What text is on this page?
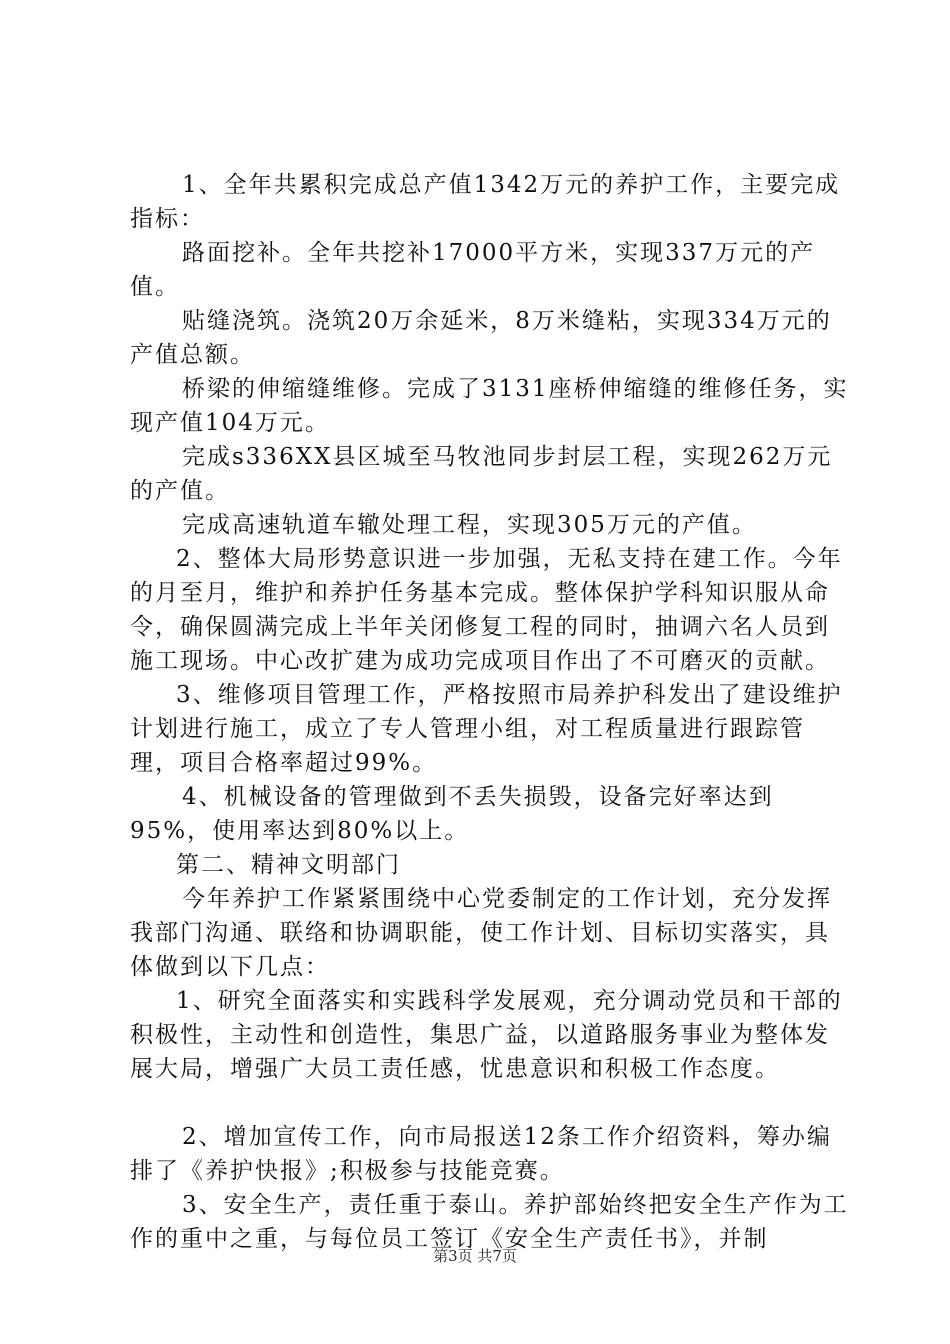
1、全年共累积完成总产值1342万元的养护工作，主要完成指标：

路面挖补。全年共挖补17000平方米，实现337万元的产值。

贴缝浇筑。浇筑20万余延米，8万米缝粘，实现334万元的产值总额。

桥梁的伸缩缝维修。完成了3131座桥伸缩缝的维修任务，实现产值104万元。

完成s336XX县区城至马牧池同步封层工程，实现262万元的产值。

完成高速轨道车辙处理工程，实现305万元的产值。

2、整体大局形势意识进一步加强，无私支持在建工作。今年的月至月，维护和养护任务基本完成。整体保护学科知识服从命令，确保圆满完成上半年关闭修复工程的同时，抽调六名人员到施工现场。中心改扩建为成功完成项目作出了不可磨灭的贡献。

3、维修项目管理工作，严格按照市局养护科发出了建设维护计划进行施工，成立了专人管理小组，对工程质量进行跟踪管理，项目合格率超过99%。

4、机械设备的管理做到不丢失损毁，设备完好率达到95%，使用率达到80%以上。

第二、精神文明部门

今年养护工作紧紧围绕中心党委制定的工作计划，充分发挥我部门沟通、联络和协调职能，使工作计划、目标切实落实，具体做到以下几点：

1、研究全面落实和实践科学发展观，充分调动党员和干部的积极性，主动性和创造性，集思广益，以道路服务事业为整体发展大局，增强广大员工责任感，忧患意识和积极工作态度。

2、增加宣传工作，向市局报送12条工作介绍资料，筹办编排了《养护快报》;积极参与技能竞赛。

3、安全生产，责任重于泰山。养护部始终把安全生产作为工作的重中之重，与每位员工签订《安全生产责任书》，并制

第3页 共7页
